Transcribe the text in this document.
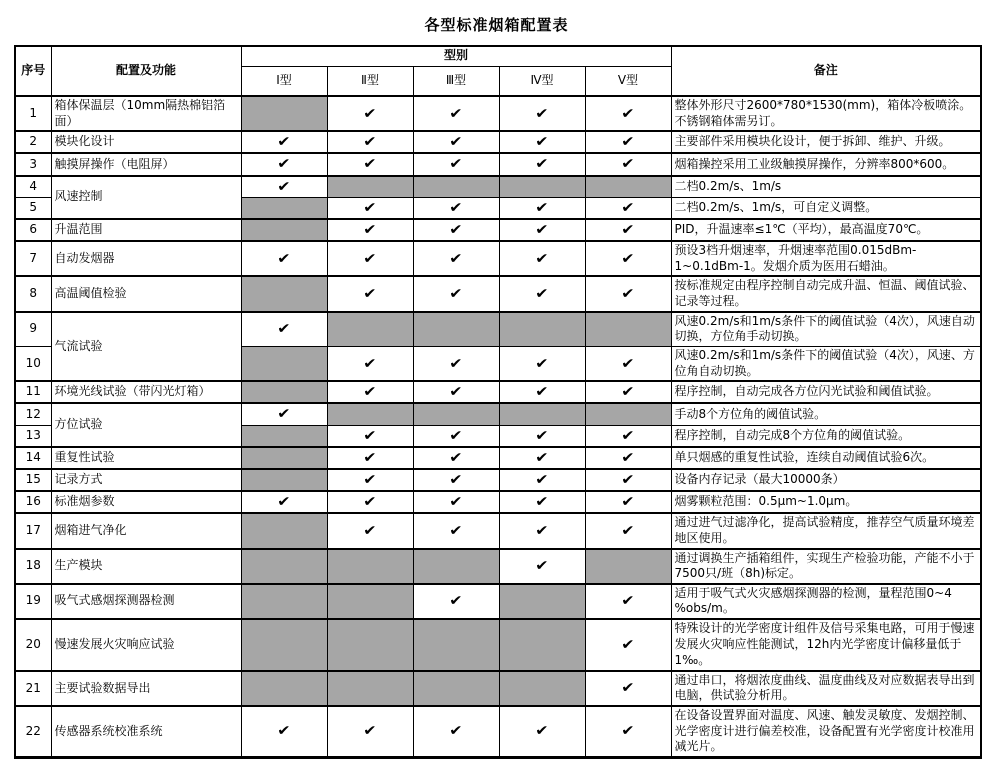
各型标准烟箱配置表
序号	配置及功能	型别					备注
		Ⅰ型	Ⅱ型	Ⅲ型	Ⅳ型	Ⅴ型	
1	箱体保温层（10mm隔热棉铝箔面）		✔	✔	✔	✔	整体外形尺寸2600*780*1530(mm)，箱体冷板喷涂。不锈钢箱体需另订。
2	模块化设计	✔	✔	✔	✔	✔	主要部件采用模块化设计，便于拆卸、维护、升级。
3	触摸屏操作（电阻屏）	✔	✔	✔	✔	✔	烟箱操控采用工业级触摸屏操作，分辨率800*600。
4	风速控制	✔					二档0.2m/s、1m/s
5			✔	✔	✔	✔	二档0.2m/s、1m/s，可自定义调整。
6	升温范围		✔	✔	✔	✔	PID，升温速率≤1℃（平均），最高温度70℃。
7	自动发烟器	✔	✔	✔	✔	✔	预设3档升烟速率，升烟速率范围0.015dBm-1~0.1dBm-1。发烟介质为医用石蜡油。
8	高温阈值检验		✔	✔	✔	✔	按标准规定由程序控制自动完成升温、恒温、阈值试验、记录等过程。
9	气流试验	✔					风速0.2m/s和1m/s条件下的阈值试验（4次），风速自动切换，方位角手动切换。
10			✔	✔	✔	✔	风速0.2m/s和1m/s条件下的阈值试验（4次），风速、方位角自动切换。
11	环境光线试验（带闪光灯箱）		✔	✔	✔	✔	程序控制，自动完成各方位闪光试验和阈值试验。
12	方位试验	✔					手动8个方位角的阈值试验。
13			✔	✔	✔	✔	程序控制，自动完成8个方位角的阈值试验。
14	重复性试验		✔	✔	✔	✔	单只烟感的重复性试验，连续自动阈值试验6次。
15	记录方式		✔	✔	✔	✔	设备内存记录（最大10000条）
16	标准烟参数	✔	✔	✔	✔	✔	烟雾颗粒范围：0.5μm~1.0μm。
17	烟箱进气净化		✔	✔	✔	✔	通过进气过滤净化，提高试验精度，推荐空气质量环境差地区使用。
18	生产模块				✔		通过调换生产插箱组件，实现生产检验功能，产能不小于7500只/班（8h)标定。
19	吸气式感烟探测器检测			✔		✔	适用于吸气式火灾感烟探测器的检测，量程范围0~4 %obs/m。
20	慢速发展火灾响应试验					✔	特殊设计的光学密度计组件及信号采集电路，可用于慢速发展火灾响应性能测试，12h内光学密度计偏移量低于1‰。
21	主要试验数据导出					✔	通过串口，将烟浓度曲线、温度曲线及对应数据表导出到电脑，供试验分析用。
22	传感器系统校准系统	✔	✔	✔	✔	✔	在设备设置界面对温度、风速、触发灵敏度、发烟控制、光学密度计进行偏差校准，设备配置有光学密度计校准用减光片。
